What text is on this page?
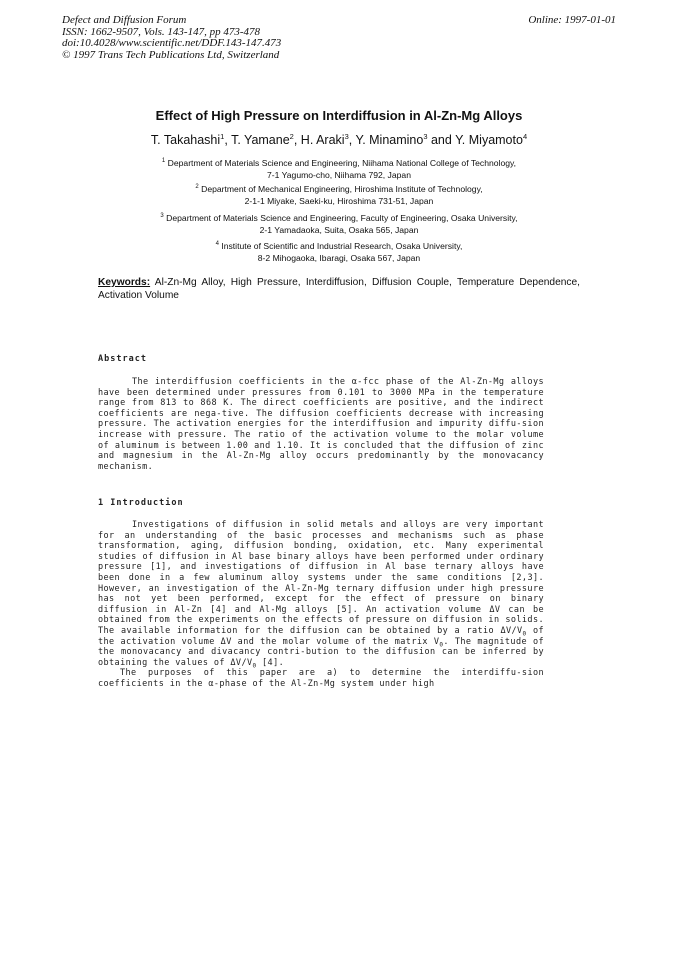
Defect and Diffusion Forum
ISSN: 1662-9507, Vols. 143-147, pp 473-478
doi:10.4028/www.scientific.net/DDF.143-147.473
© 1997 Trans Tech Publications Ltd, Switzerland
Online: 1997-01-01
Effect of High Pressure on Interdiffusion in Al-Zn-Mg Alloys
T. Takahashi$^1$, T. Yamane$^2$, H. Araki$^3$, Y. Minamino$^3$ and Y. Miyamoto$^4$
$^1$ Department of Materials Science and Engineering, Niihama National College of Technology,
7-1 Yagumo-cho, Niihama 792, Japan
$^2$ Department of Mechanical Engineering, Hiroshima Institute of Technology,
2-1-1 Miyake, Saeki-ku, Hiroshima 731-51, Japan
$^3$ Department of Materials Science and Engineering, Faculty of Engineering, Osaka University,
2-1 Yamadaoka, Suita, Osaka 565, Japan
$^4$ Institute of Scientific and Industrial Research, Osaka University,
8-2 Mihogaoka, Ibaragi, Osaka 567, Japan
Keywords: Al-Zn-Mg Alloy, High Pressure, Interdiffusion, Diffusion Couple, Temperature Dependence, Activation Volume
Abstract
The interdiffusion coefficients in the α-fcc phase of the Al-Zn-Mg alloys have been determined under pressures from 0.101 to 3000 MPa in the temperature range from 813 to 868 K. The direct coefficients are positive, and the indirect coefficients are nega-tive. The diffusion coefficients decrease with increasing pressure. The activation energies for the interdiffusion and impurity diffu-sion increase with pressure. The ratio of the activation volume to the molar volume of aluminum is between 1.00 and 1.10. It is concluded that the diffusion of zinc and magnesium in the Al-Zn-Mg alloy occurs predominantly by the monovacancy mechanism.
1 Introduction

Investigations of diffusion in solid metals and alloys are very important for an understanding of the basic processes and mechanisms such as phase transformation, aging, diffusion bonding, oxidation, etc. Many experimental studies of diffusion in Al base binary alloys have been performed under ordinary pressure [1], and investigations of diffusion in Al base ternary alloys have been done in a few aluminum alloy systems under the same conditions [2,3]. However, an investigation of the Al-Zn-Mg ternary diffusion under high pressure has not yet been performed, except for the effect of pressure on binary diffusion in Al-Zn [4] and Al-Mg alloys [5]. An activation volume ΔV can be obtained from the experiments on the effects of pressure on diffusion in solids. The available information for the diffusion can be obtained by a ratio $\Delta V/V_0$ of the activation volume ΔV and the molar volume of the matrix $V_0$. The magnitude of the monovacancy and divacancy contri-bution to the diffusion can be inferred by obtaining the values of $\Delta V/V_0$ [4].

The purposes of this paper are a) to determine the interdiffu-sion coefficients in the α-phase of the Al-Zn-Mg system under high
